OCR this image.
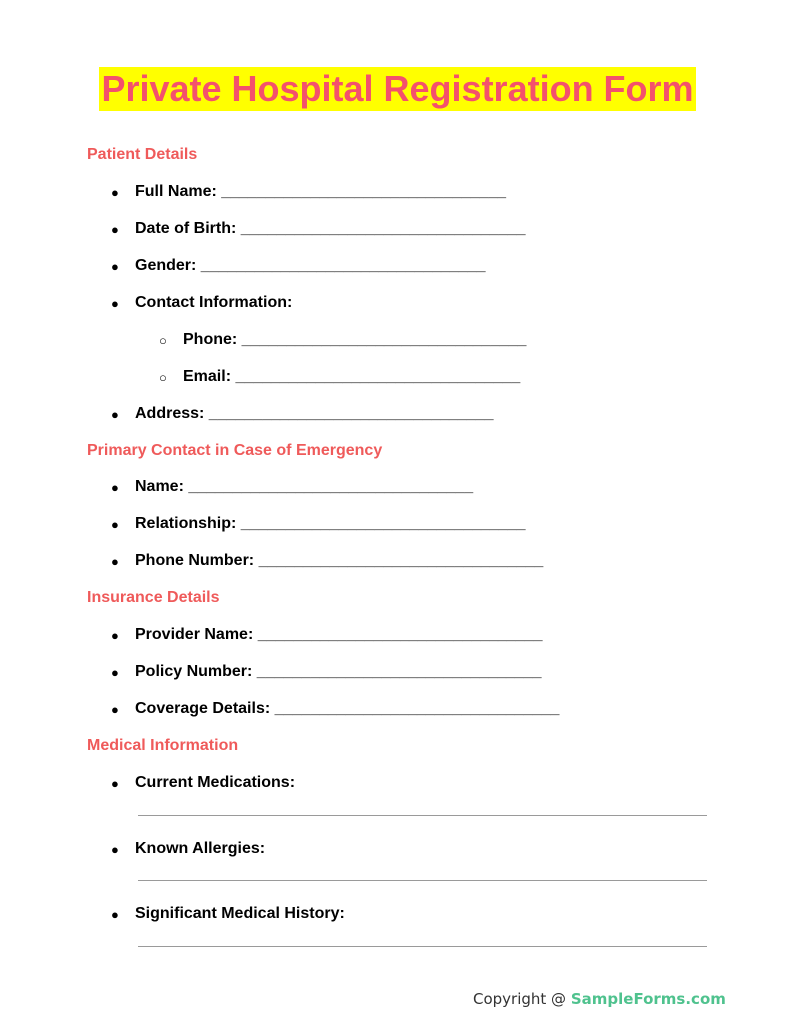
Private Hospital Registration Form
Patient Details
● Full Name: ________________________________
● Date of Birth: ________________________________
● Gender: ________________________________
● Contact Information:
○ Phone: ________________________________
○ Email: ________________________________
● Address: ________________________________
Primary Contact in Case of Emergency
● Name: ________________________________
● Relationship: ________________________________
● Phone Number: ________________________________
Insurance Details
● Provider Name: ________________________________
● Policy Number: ________________________________
● Coverage Details: ________________________________
Medical Information
● Current Medications:
● Known Allergies:
● Significant Medical History:
Copyright @ SampleForms.com
